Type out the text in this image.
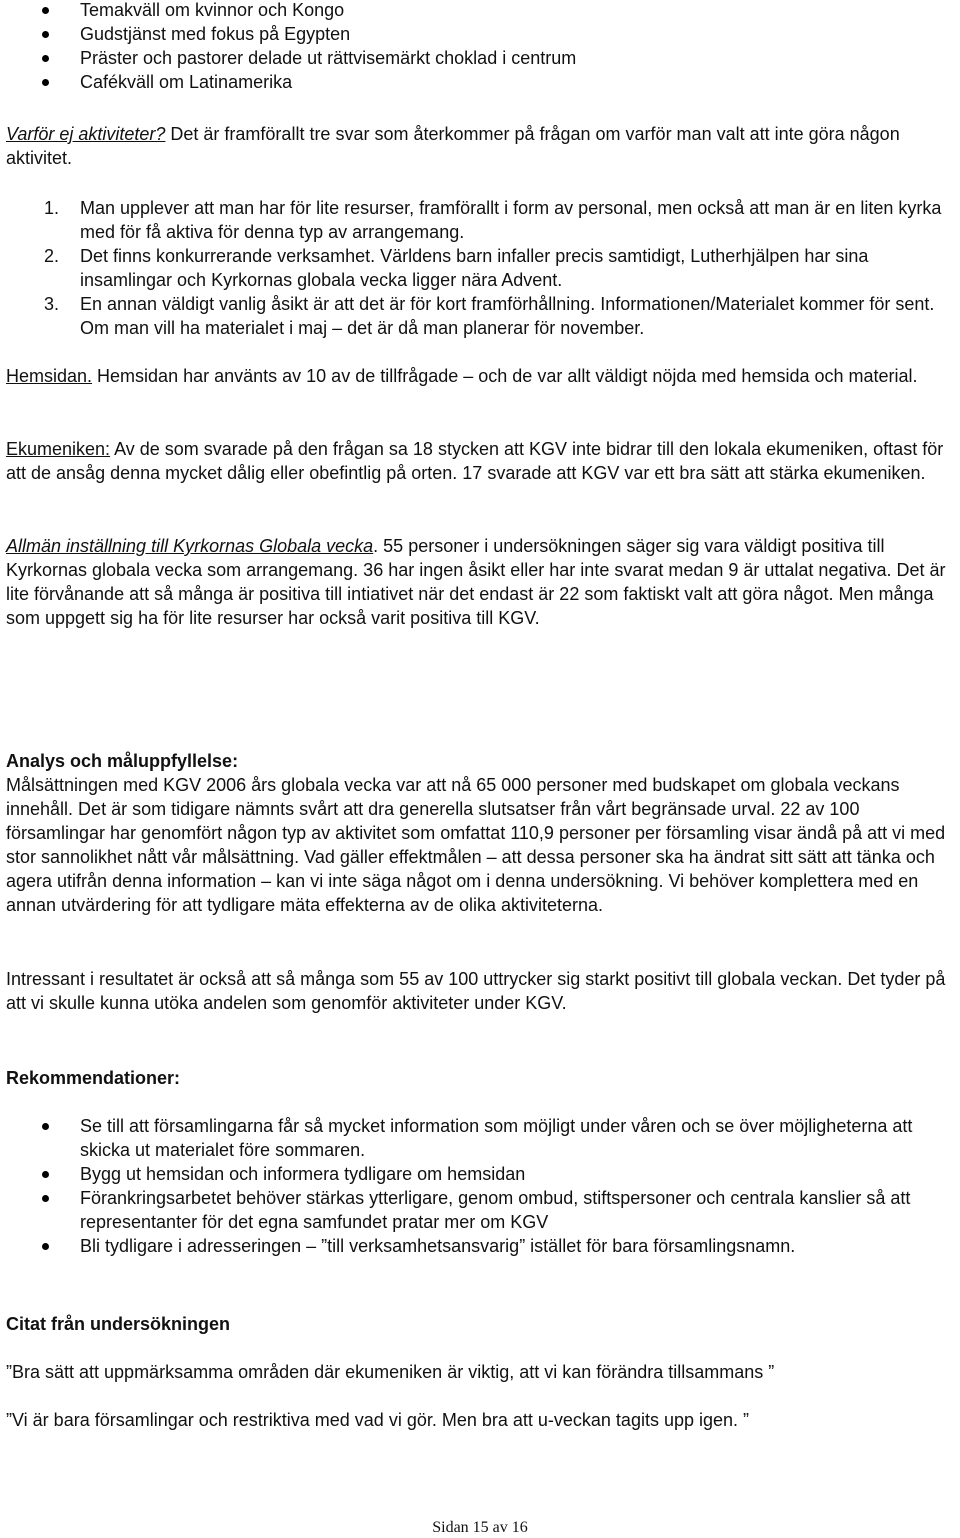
Temakväll om kvinnor och Kongo
Gudstjänst med fokus på Egypten
Präster och pastorer delade ut rättvisemärkt choklad i centrum
Cafékväll om Latinamerika

Varför ej aktiviteter? Det är framförallt tre svar som återkommer på frågan om varför man valt att inte göra någon aktivitet.

1. Man upplever att man har för lite resurser, framförallt i form av personal, men också att man är en liten kyrka med för få aktiva för denna typ av arrangemang.
2. Det finns konkurrerande verksamhet. Världens barn infaller precis samtidigt, Lutherhjälpen har sina insamlingar och Kyrkornas globala vecka ligger nära Advent.
3. En annan väldigt vanlig åsikt är att det är för kort framförhållning. Informationen/Materialet kommer för sent. Om man vill ha materialet i maj – det är då man planerar för november.

Hemsidan. Hemsidan har använts av 10 av de tillfrågade – och de var allt väldigt nöjda med hemsida och material.

Ekumeniken: Av de som svarade på den frågan sa 18 stycken att KGV inte bidrar till den lokala ekumeniken, oftast för att de ansåg denna mycket dålig eller obefintlig på orten. 17 svarade att KGV var ett bra sätt att stärka ekumeniken.

Allmän inställning till Kyrkornas Globala vecka. 55 personer i undersökningen säger sig vara väldigt positiva till Kyrkornas globala vecka som arrangemang. 36 har ingen åsikt eller har inte svarat medan 9 är uttalat negativa. Det är lite förvånande att så många är positiva till intiativet när det endast är 22 som faktiskt valt att göra något. Men många som uppgett sig ha för lite resurser har också varit positiva till KGV.

Analys och måluppfyllelse:

Målsättningen med KGV 2006 års globala vecka var att nå 65 000 personer med budskapet om globala veckans innehåll. Det är som tidigare nämnts svårt att dra generella slutsatser från vårt begränsade urval. 22 av 100 församlingar har genomfört någon typ av aktivitet som omfattat 110,9 personer per församling visar ändå på att vi med stor sannolikhet nått vår målsättning. Vad gäller effektmålen – att dessa personer ska ha ändrat sitt sätt att tänka och agera utifrån denna information – kan vi inte säga något om i denna undersökning. Vi behöver komplettera med en annan utvärdering för att tydligare mäta effekterna av de olika aktiviteterna.

Intressant i resultatet är också att så många som 55 av 100 uttrycker sig starkt positivt till globala veckan. Det tyder på att vi skulle kunna utöka andelen som genomför aktiviteter under KGV.

Rekommendationer:

Se till att församlingarna får så mycket information som möjligt under våren och se över möjligheterna att skicka ut materialet före sommaren.
Bygg ut hemsidan och informera tydligare om hemsidan
Förankringsarbetet behöver stärkas ytterligare, genom ombud, stiftspersoner och centrala kanslier så att representanter för det egna samfundet pratar mer om KGV
Bli tydligare i adresseringen – ”till verksamhetsansvarig” istället för bara församlingsnamn.

Citat från undersökningen

”Bra sätt att uppmärksamma områden där ekumeniken är viktig, att vi kan förändra tillsammans ”

”Vi är bara församlingar och restriktiva med vad vi gör. Men bra att u-veckan tagits upp igen. ”

Sidan 15 av 16
